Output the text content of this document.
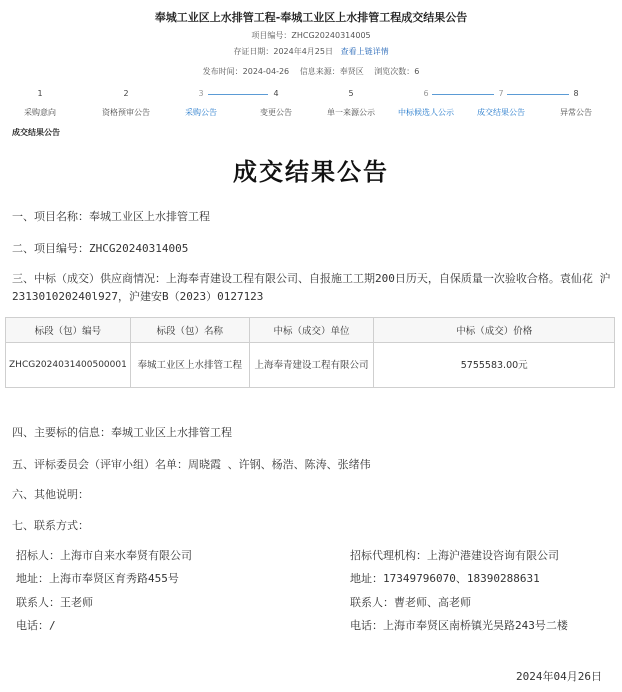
奉城工业区上水排管工程-奉城工业区上水排管工程成交结果公告
项目编号：ZHCG20240314005
存证日期：2024年4月25日 查看上链详情
发布时间：2024-04-26　 信息来源：奉贤区　 浏览次数：6
1
采购意向
2
资格预审公告
3
采购公告
4
变更公告
5
单一来源公示
6
中标候选人公示
7
成交结果公告
8
异常公告
成交结果公告
成交结果公告
一、项目名称：奉城工业区上水排管工程
二、项目编号：ZHCG20240314005
三、中标（成交）供应商情况：上海奉青建设工程有限公司、自报施工工期200日历天，自保质量一次验收合格。袁仙花 沪231301020240l927，沪建安B（2023）0127123
标段（包）编号	标段（包）名称	中标（成交）单位	中标（成交）价格
ZHCG2024031400500001	奉城工业区上水排管工程	上海奉青建设工程有限公司	5755583.00元
四、主要标的信息：奉城工业区上水排管工程
五、评标委员会（评审小组）名单：周晓霞 、许钢、杨浩、陈涛、张绪伟
六、其他说明：
七、联系方式：
招标人：上海市自来水奉贤有限公司
地址：上海市奉贤区育秀路455号
联系人：王老师
电话：/
招标代理机构：上海沪港建设咨询有限公司
地址：17349796070、18390288631
联系人：曹老师、高老师
电话：上海市奉贤区南桥镇光昊路243号二楼
2024年04月26日
